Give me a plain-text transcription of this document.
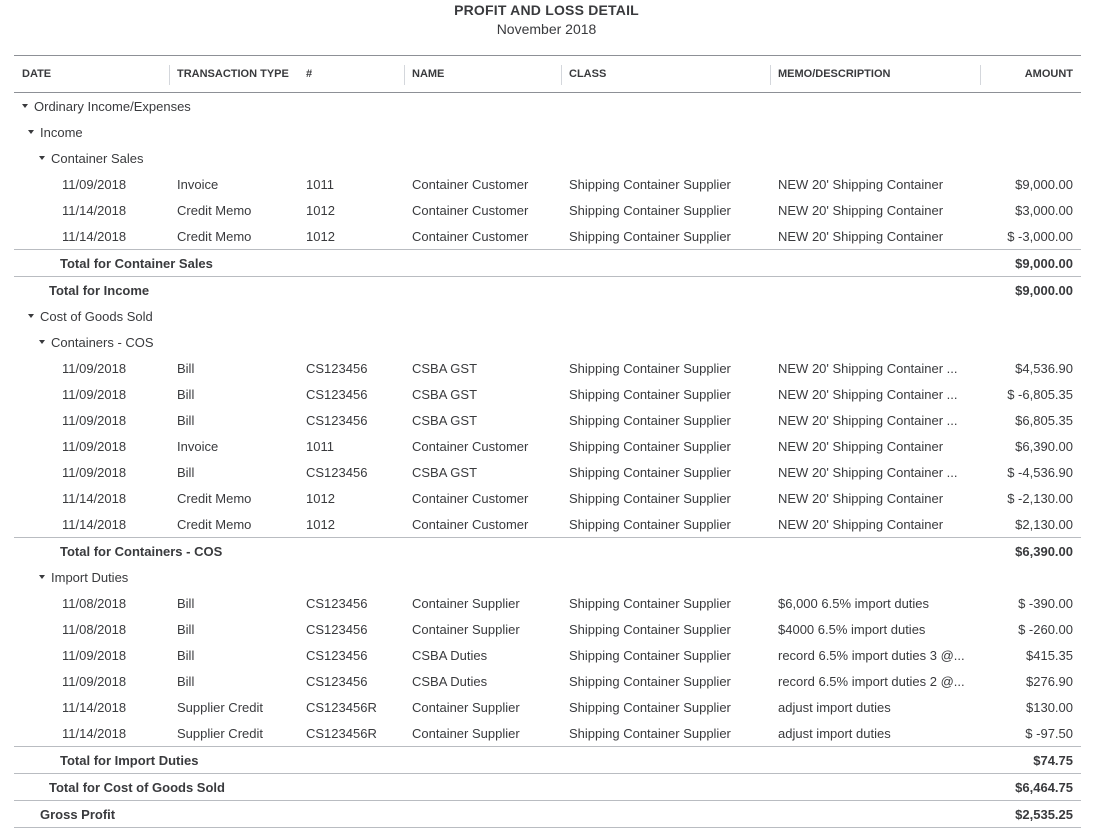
PROFIT AND LOSS DETAIL
November 2018
DATE	TRANSACTION TYPE	#	NAME	CLASS	MEMO/DESCRIPTION	AMOUNT
Ordinary Income/Expenses						
Income						
Container Sales						
11/09/2018	Invoice	1011	Container Customer	Shipping Container Supplier	NEW 20' Shipping Container	$9,000.00
11/14/2018	Credit Memo	1012	Container Customer	Shipping Container Supplier	NEW 20' Shipping Container	$3,000.00
11/14/2018	Credit Memo	1012	Container Customer	Shipping Container Supplier	NEW 20' Shipping Container	$ -3,000.00
Total for Container Sales						$9,000.00
Total for Income						$9,000.00
Cost of Goods Sold						
Containers - COS						
11/09/2018	Bill	CS123456	CSBA GST	Shipping Container Supplier	NEW 20' Shipping Container ...	$4,536.90
11/09/2018	Bill	CS123456	CSBA GST	Shipping Container Supplier	NEW 20' Shipping Container ...	$ -6,805.35
11/09/2018	Bill	CS123456	CSBA GST	Shipping Container Supplier	NEW 20' Shipping Container ...	$6,805.35
11/09/2018	Invoice	1011	Container Customer	Shipping Container Supplier	NEW 20' Shipping Container	$6,390.00
11/09/2018	Bill	CS123456	CSBA GST	Shipping Container Supplier	NEW 20' Shipping Container ...	$ -4,536.90
11/14/2018	Credit Memo	1012	Container Customer	Shipping Container Supplier	NEW 20' Shipping Container	$ -2,130.00
11/14/2018	Credit Memo	1012	Container Customer	Shipping Container Supplier	NEW 20' Shipping Container	$2,130.00
Total for Containers - COS						$6,390.00
Import Duties						
11/08/2018	Bill	CS123456	Container Supplier	Shipping Container Supplier	$6,000 6.5% import duties	$ -390.00
11/08/2018	Bill	CS123456	Container Supplier	Shipping Container Supplier	$4000 6.5% import duties	$ -260.00
11/09/2018	Bill	CS123456	CSBA Duties	Shipping Container Supplier	record 6.5% import duties 3 @...	$415.35
11/09/2018	Bill	CS123456	CSBA Duties	Shipping Container Supplier	record 6.5% import duties 2 @...	$276.90
11/14/2018	Supplier Credit	CS123456R	Container Supplier	Shipping Container Supplier	adjust import duties	$130.00
11/14/2018	Supplier Credit	CS123456R	Container Supplier	Shipping Container Supplier	adjust import duties	$ -97.50
Total for Import Duties						$74.75
Total for Cost of Goods Sold						$6,464.75
Gross Profit						$2,535.25
